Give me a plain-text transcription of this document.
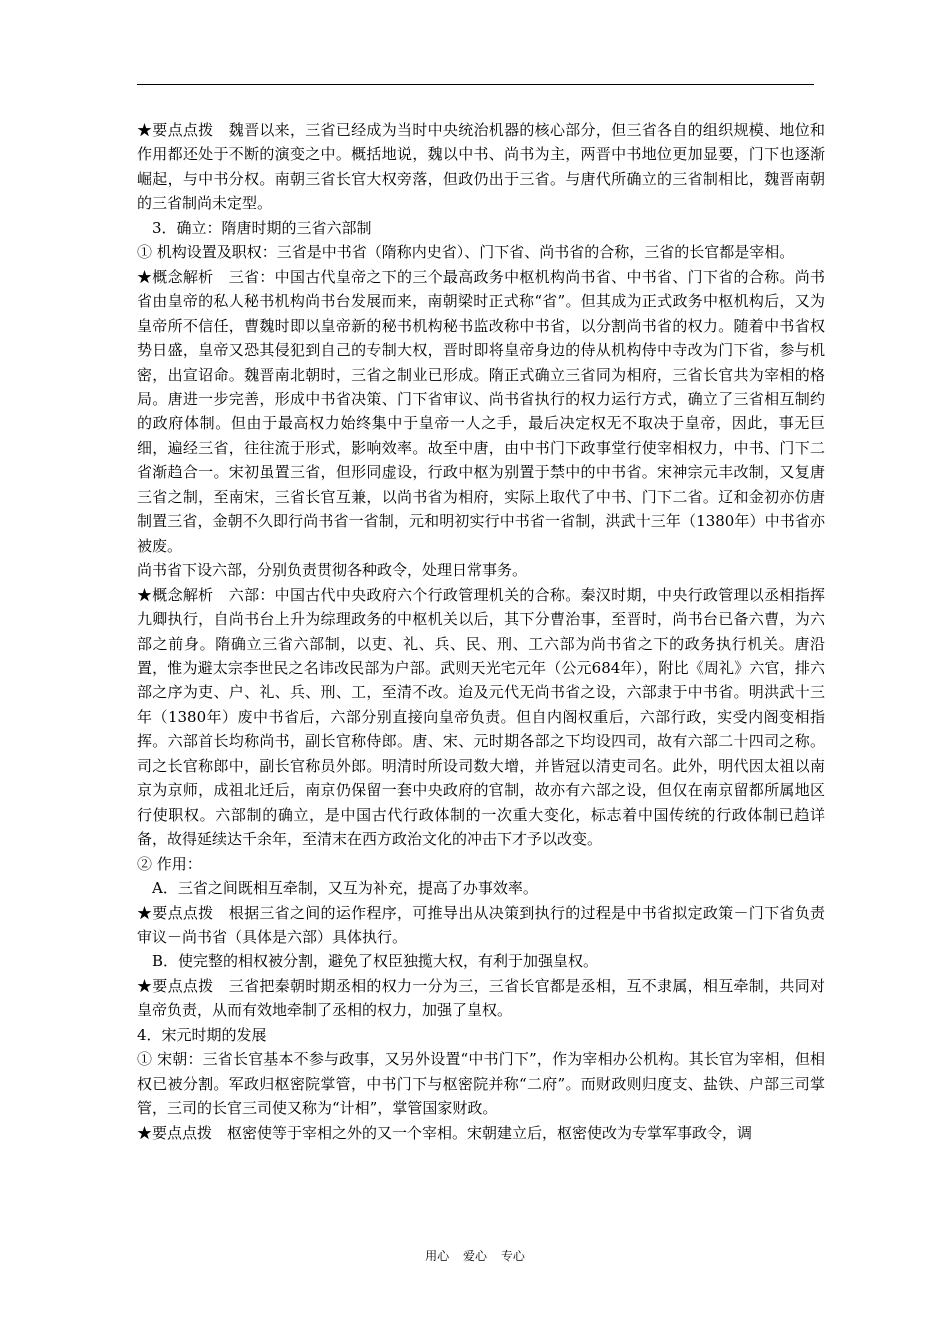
★要点点拨　魏晋以来，三省已经成为当时中央统治机器的核心部分，但三省各自的组织规模、地位和作用都还处于不断的演变之中。概括地说，魏以中书、尚书为主，两晋中书地位更加显要，门下也逐渐崛起，与中书分权。南朝三省长官大权旁落，但政仍出于三省。与唐代所确立的三省制相比，魏晋南朝的三省制尚未定型。

　3．确立：隋唐时期的三省六部制

① 机构设置及职权：三省是中书省（隋称内史省）、门下省、尚书省的合称，三省的长官都是宰相。

★概念解析　三省：中国古代皇帝之下的三个最高政务中枢机构尚书省、中书省、门下省的合称。尚书省由皇帝的私人秘书机构尚书台发展而来，南朝梁时正式称“省”。但其成为正式政务中枢机构后，又为皇帝所不信任，曹魏时即以皇帝新的秘书机构秘书监改称中书省，以分割尚书省的权力。随着中书省权势日盛，皇帝又恐其侵犯到自己的专制大权，晋时即将皇帝身边的侍从机构侍中寺改为门下省，参与机密，出宣诏命。魏晋南北朝时，三省之制业已形成。隋正式确立三省同为相府，三省长官共为宰相的格局。唐进一步完善，形成中书省决策、门下省审议、尚书省执行的权力运行方式，确立了三省相互制约的政府体制。但由于最高权力始终集中于皇帝一人之手，最后决定权无不取决于皇帝，因此，事无巨细，遍经三省，往往流于形式，影响效率。故至中唐，由中书门下政事堂行使宰相权力，中书、门下二省渐趋合一。宋初虽置三省，但形同虚设，行政中枢为别置于禁中的中书省。宋神宗元丰改制，又复唐三省之制，至南宋，三省长官互兼，以尚书省为相府，实际上取代了中书、门下二省。辽和金初亦仿唐制置三省，金朝不久即行尚书省一省制，元和明初实行中书省一省制，洪武十三年（1380年）中书省亦被废。

尚书省下设六部，分别负责贯彻各种政令，处理日常事务。

★概念解析　六部：中国古代中央政府六个行政管理机关的合称。秦汉时期，中央行政管理以丞相指挥九卿执行，自尚书台上升为综理政务的中枢机关以后，其下分曹治事，至晋时，尚书台已备六曹，为六部之前身。隋确立三省六部制，以吏、礼、兵、民、刑、工六部为尚书省之下的政务执行机关。唐沿置，惟为避太宗李世民之名讳改民部为户部。武则天光宅元年（公元684年），附比《周礼》六官，排六部之序为吏、户、礼、兵、刑、工，至清不改。迨及元代无尚书省之设，六部隶于中书省。明洪武十三年（1380年）废中书省后，六部分别直接向皇帝负责。但自内阁权重后，六部行政，实受内阁变相指挥。六部首长均称尚书，副长官称侍郎。唐、宋、元时期各部之下均设四司，故有六部二十四司之称。司之长官称郎中，副长官称员外郎。明清时所设司数大增，并皆冠以清吏司名。此外，明代因太祖以南京为京师，成祖北迁后，南京仍保留一套中央政府的官制，故亦有六部之设，但仅在南京留都所属地区行使职权。六部制的确立，是中国古代行政体制的一次重大变化，标志着中国传统的行政体制已趋详备，故得延续达千余年，至清末在西方政治文化的冲击下才予以改变。

② 作用：

　A．三省之间既相互牵制，又互为补充，提高了办事效率。

★要点点拨　根据三省之间的运作程序，可推导出从决策到执行的过程是中书省拟定政策－门下省负责审议－尚书省（具体是六部）具体执行。

　B．使完整的相权被分割，避免了权臣独揽大权，有利于加强皇权。

★要点点拨　三省把秦朝时期丞相的权力一分为三，三省长官都是丞相，互不隶属，相互牵制，共同对皇帝负责，从而有效地牵制了丞相的权力，加强了皇权。

4．宋元时期的发展

① 宋朝：三省长官基本不参与政事，又另外设置“中书门下”，作为宰相办公机构。其长官为宰相，但相权已被分割。军政归枢密院掌管，中书门下与枢密院并称“二府”。而财政则归度支、盐铁、户部三司掌管，三司的长官三司使又称为“计相”，掌管国家财政。

★要点点拨　枢密使等于宰相之外的又一个宰相。宋朝建立后，枢密使改为专掌军事政令，调

用心 爱心 专心
